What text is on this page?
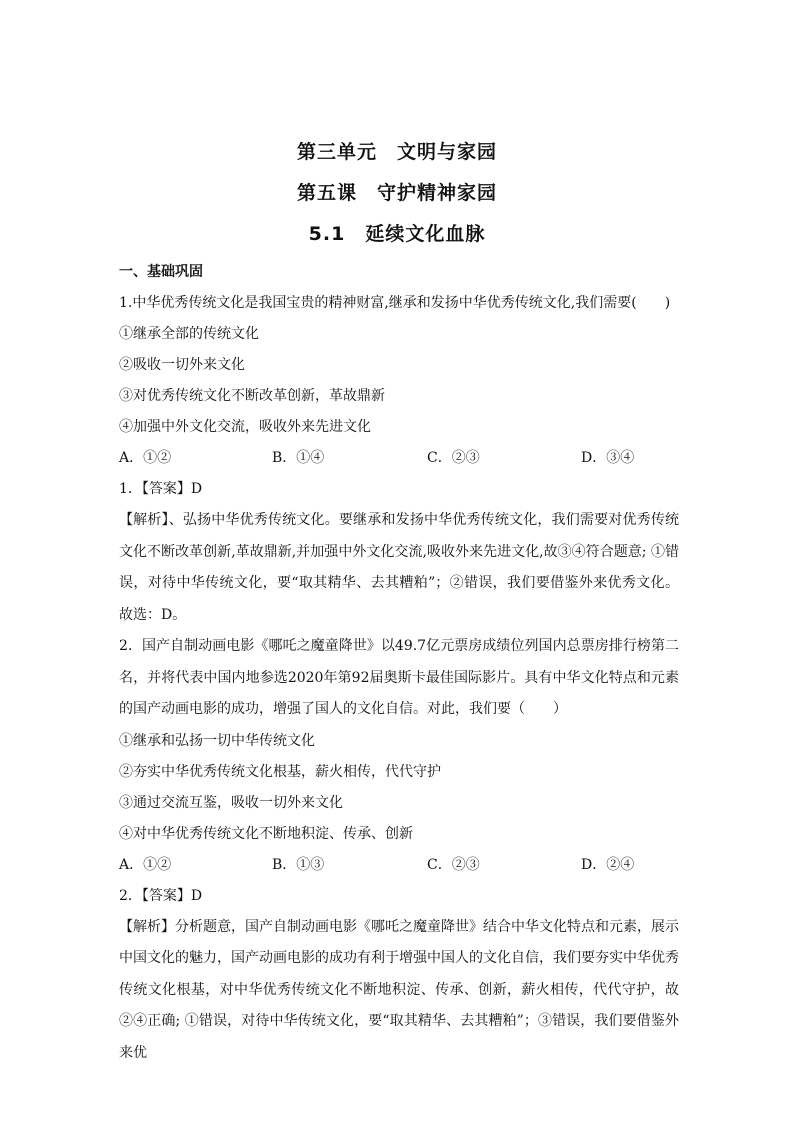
第三单元　文明与家园
第五课　守护精神家园
5.1　延续文化血脉
一、基础巩固
1.中华优秀传统文化是我国宝贵的精神财富,继承和发扬中华优秀传统文化,我们需要(　　)
①继承全部的传统文化
②吸收一切外来文化
③对优秀传统文化不断改革创新，革故鼎新
④加强中外文化交流，吸收外来先进文化
A．①②	B．①④	C．②③	D．③④
1．【答案】D
【解析】、弘扬中华优秀传统文化。要继承和发扬中华优秀传统文化，我们需要对优秀传统文化不断改革创新,革故鼎新,并加强中外文化交流,吸收外来先进文化,故③④符合题意; ①错误，对待中华传统文化，要“取其精华、去其糟粕”；②错误，我们要借鉴外来优秀文化。故选：D。
2．国产自制动画电影《哪吒之魔童降世》以49.7亿元票房成绩位列国内总票房排行榜第二名，并将代表中国内地参选2020年第92届奥斯卡最佳国际影片。具有中华文化特点和元素的国产动画电影的成功，增强了国人的文化自信。对此，我们要（　　）
①继承和弘扬一切中华传统文化
②夯实中华优秀传统文化根基，薪火相传，代代守护
③通过交流互鉴，吸收一切外来文化
④对中华优秀传统文化不断地积淀、传承、创新
A．①②	B．①③	C．②③	D．②④
2．【答案】D
【解析】分析题意，国产自制动画电影《哪吒之魔童降世》结合中华文化特点和元素，展示中国文化的魅力，国产动画电影的成功有利于增强中国人的文化自信，我们要夯实中华优秀传统文化根基，对中华优秀传统文化不断地积淀、传承、创新，薪火相传，代代守护，故②④正确; ①错误，对待中华传统文化，要“取其精华、去其糟粕”；③错误，我们要借鉴外来优
